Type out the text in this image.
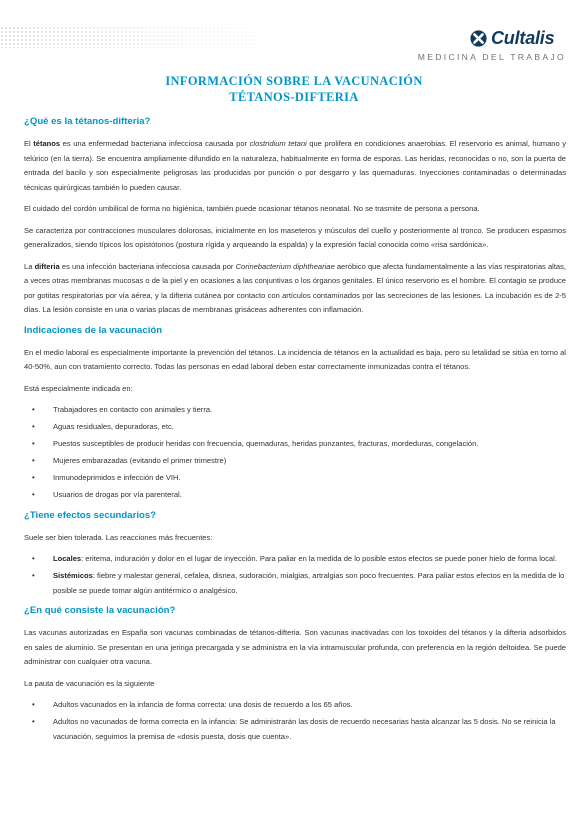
Cultalis
MEDICINA DEL TRABAJO
INFORMACIÓN SOBRE LA VACUNACIÓN
TÉTANOS-DIFTERIA
¿Qué es la tétanos-difteria?
El tétanos es una enfermedad bacteriana infecciosa causada por clostridium tetani que prolifera en condiciones anaerobias. El reservorio es animal, humano y telúrico (en la tierra). Se encuentra ampliamente difundido en la naturaleza, habitualmente en forma de esporas. Las heridas, reconocidas o no, son la puerta de entrada del bacilo y son especialmente peligrosas las producidas por punción o por desgarro y las quemaduras. Inyecciones contaminadas o determinadas técnicas quirúrgicas también lo pueden causar.
El cuidado del cordón umbilical de forma no higiénica, también puede ocasionar tétanos neonatal. No se trasmite de persona a persona.
Se caracteriza por contracciones musculares dolorosas, inicialmente en los maseteros y músculos del cuello y posteriormente al tronco. Se producen espasmos generalizados, siendo típicos los opistótonos (postura rígida y arqueando la espalda) y la expresión facial conocida como «risa sardónica».
La difteria es una infección bacteriana infecciosa causada por Corinebacterium diphtheariae aeróbico que afecta fundamentalmente a las vías respiratorias altas, a veces otras membranas mucosas o de la piel y en ocasiones a las conjuntivas o los órganos genitales. El único reservorio es el hombre. El contagio se produce por gotitas respiratorias por vía aérea, y la difteria cutánea por contacto con artículos contaminados por las secreciones de las lesiones. La incubación es de 2-5 días. La lesión consiste en una o varias placas de membranas grisáceas adherentes con inflamación.
Indicaciones de la vacunación
En el medio laboral es especialmente importante la prevención del tétanos. La incidencia de tétanos en la actualidad es baja, pero su letalidad se sitúa en torno al 40-50%, aun con tratamiento correcto. Todas las personas en edad laboral deben estar correctamente inmunizadas contra el tétanos.
Está especialmente indicada en:
• Trabajadores en contacto con animales y tierra.
• Aguas residuales, depuradoras, etc.
• Puestos susceptibles de producir heridas con frecuencia, quemaduras, heridas punzantes, fracturas, mordeduras, congelación.
• Mujeres embarazadas (evitando el primer trimestre)
• Inmunodeprimidos e infección de VIH.
• Usuarios de drogas por vía parenteral.
¿Tiene efectos secundarios?
Suele ser bien tolerada. Las reacciones más frecuentes:
• Locales: eritema, induración y dolor en el lugar de inyección. Para paliar en la medida de lo posible estos efectos se puede poner hielo de forma local.
• Sistémicos: fiebre y malestar general, cefalea, disnea, sudoración, mialgias, artralgias son poco frecuentes. Para paliar estos efectos en la medida de lo posible se puede tomar algún antitérmico o analgésico.
¿En qué consiste la vacunación?
Las vacunas autorizadas en España son vacunas combinadas de tétanos-difteria. Son vacunas inactivadas con los toxoides del tétanos y la difteria adsorbidos en sales de aluminio. Se presentan en una jeringa precargada y se administra en la vía intramuscular profunda, con preferencia en la región deltoidea. Se puede administrar con cualquier otra vacuna.
La pauta de vacunación es la siguiente
• Adultos vacunados en la infancia de forma correcta: una dosis de recuerdo a los 65 años.
• Adultos no vacunados de forma correcta en la infancia: Se administrarán las dosis de recuerdo necesarias hasta alcanzar las 5 dosis. No se reinicia la vacunación, seguimos la premisa de «dosis puesta, dosis que cuenta».
